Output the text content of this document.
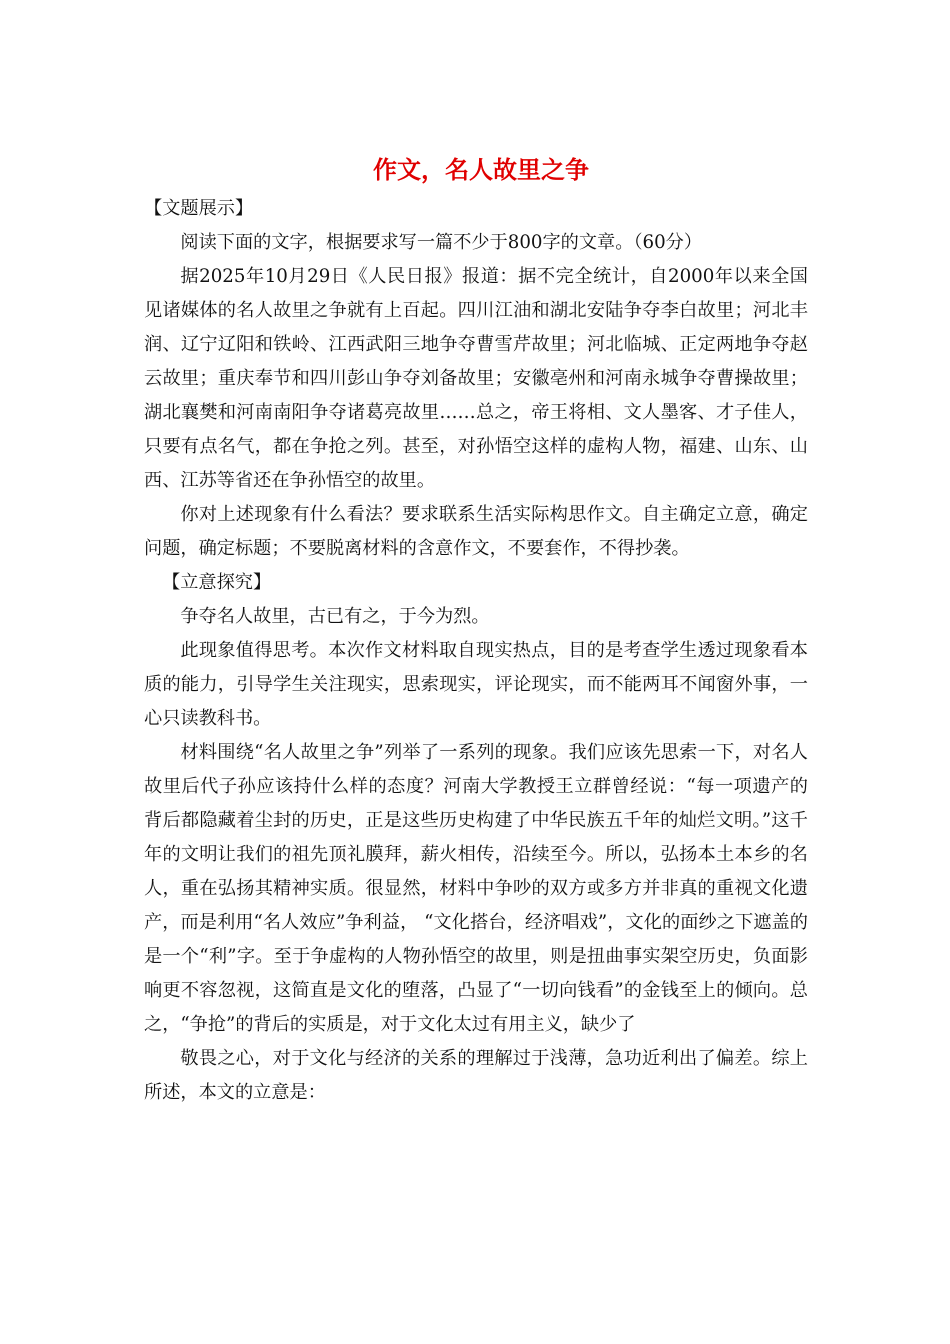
作文，名人故里之争

【文题展示】

阅读下面的文字，根据要求写一篇不少于800字的文章。（60分）

据2025年10月29日《人民日报》报道：据不完全统计，自2000年以来全国见诸媒体的名人故里之争就有上百起。四川江油和湖北安陆争夺李白故里；河北丰润、辽宁辽阳和铁岭、江西武阳三地争夺曹雪芹故里；河北临城、正定两地争夺赵云故里；重庆奉节和四川彭山争夺刘备故里；安徽亳州和河南永城争夺曹操故里；湖北襄樊和河南南阳争夺诸葛亮故里……总之，帝王将相、文人墨客、才子佳人，只要有点名气，都在争抢之列。甚至，对孙悟空这样的虚构人物，福建、山东、山西、江苏等省还在争孙悟空的故里。

你对上述现象有什么看法？要求联系生活实际构思作文。自主确定立意，确定问题，确定标题；不要脱离材料的含意作文，不要套作，不得抄袭。

【立意探究】

争夺名人故里，古已有之，于今为烈。

此现象值得思考。本次作文材料取自现实热点，目的是考查学生透过现象看本质的能力，引导学生关注现实，思索现实，评论现实，而不能两耳不闻窗外事，一心只读教科书。

材料围绕“名人故里之争”列举了一系列的现象。我们应该先思索一下，对名人故里后代子孙应该持什么样的态度？河南大学教授王立群曾经说：“每一项遗产的背后都隐藏着尘封的历史，正是这些历史构建了中华民族五千年的灿烂文明。”这千年的文明让我们的祖先顶礼膜拜，薪火相传，沿续至今。所以，弘扬本土本乡的名人，重在弘扬其精神实质。很显然，材料中争吵的双方或多方并非真的重视文化遗产，而是利用“名人效应”争利益， “文化搭台，经济唱戏”，文化的面纱之下遮盖的是一个“利”字。至于争虚构的人物孙悟空的故里，则是扭曲事实架空历史，负面影响更不容忽视，这简直是文化的堕落，凸显了“一切向钱看”的金钱至上的倾向。总之，“争抢”的背后的实质是，对于文化太过有用主义，缺少了

敬畏之心，对于文化与经济的关系的理解过于浅薄，急功近利出了偏差。综上所述，本文的立意是：
